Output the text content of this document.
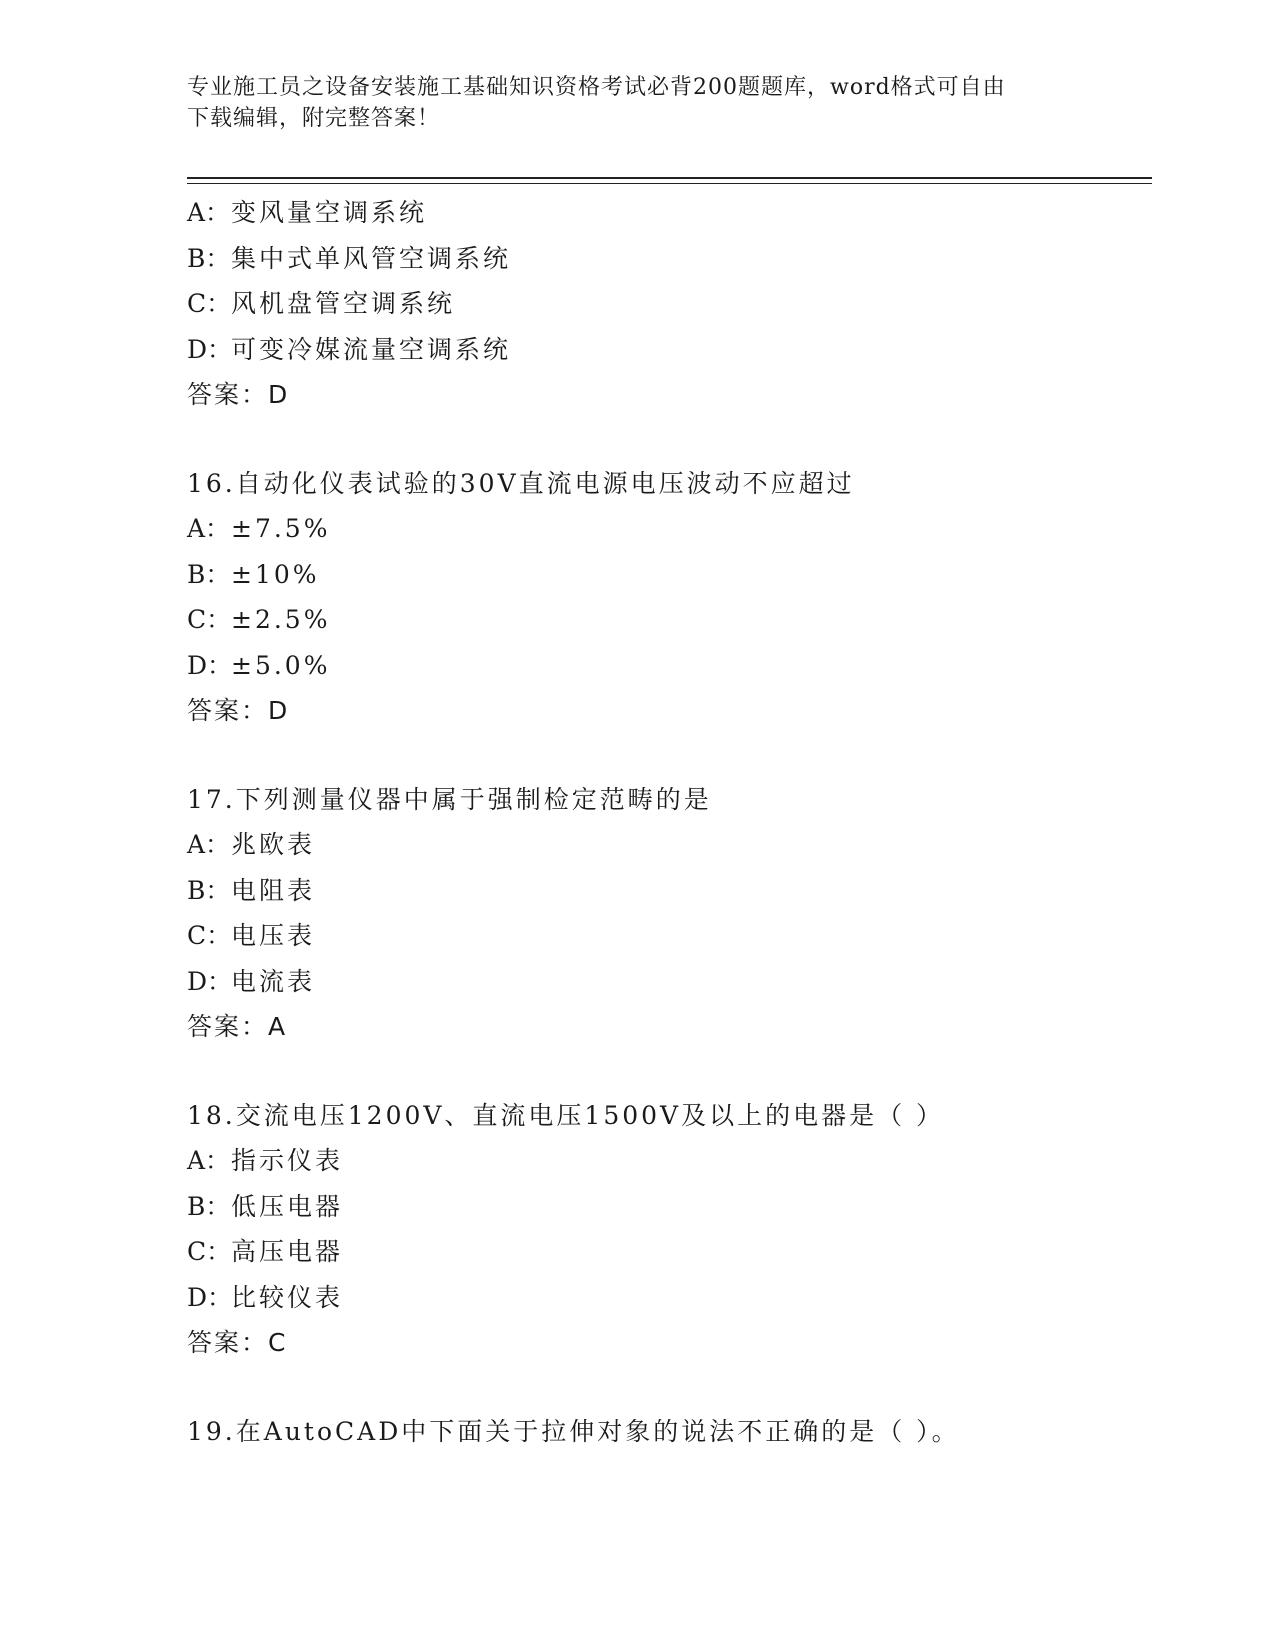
专业施工员之设备安装施工基础知识资格考试必背200题题库，word格式可自由
下载编辑，附完整答案！
A：变风量空调系统
B：集中式单风管空调系统
C：风机盘管空调系统
D：可变冷媒流量空调系统
答案：D
16.自动化仪表试验的30V直流电源电压波动不应超过
A：±7.5%
B：±10%
C：±2.5%
D：±5.0%
答案：D
17.下列测量仪器中属于强制检定范畴的是
A：兆欧表
B：电阻表
C：电压表
D：电流表
答案：A
18.交流电压1200V、直流电压1500V及以上的电器是（ ）
A：指示仪表
B：低压电器
C：高压电器
D：比较仪表
答案：C
19.在AutoCAD中下面关于拉伸对象的说法不正确的是（ ）。
